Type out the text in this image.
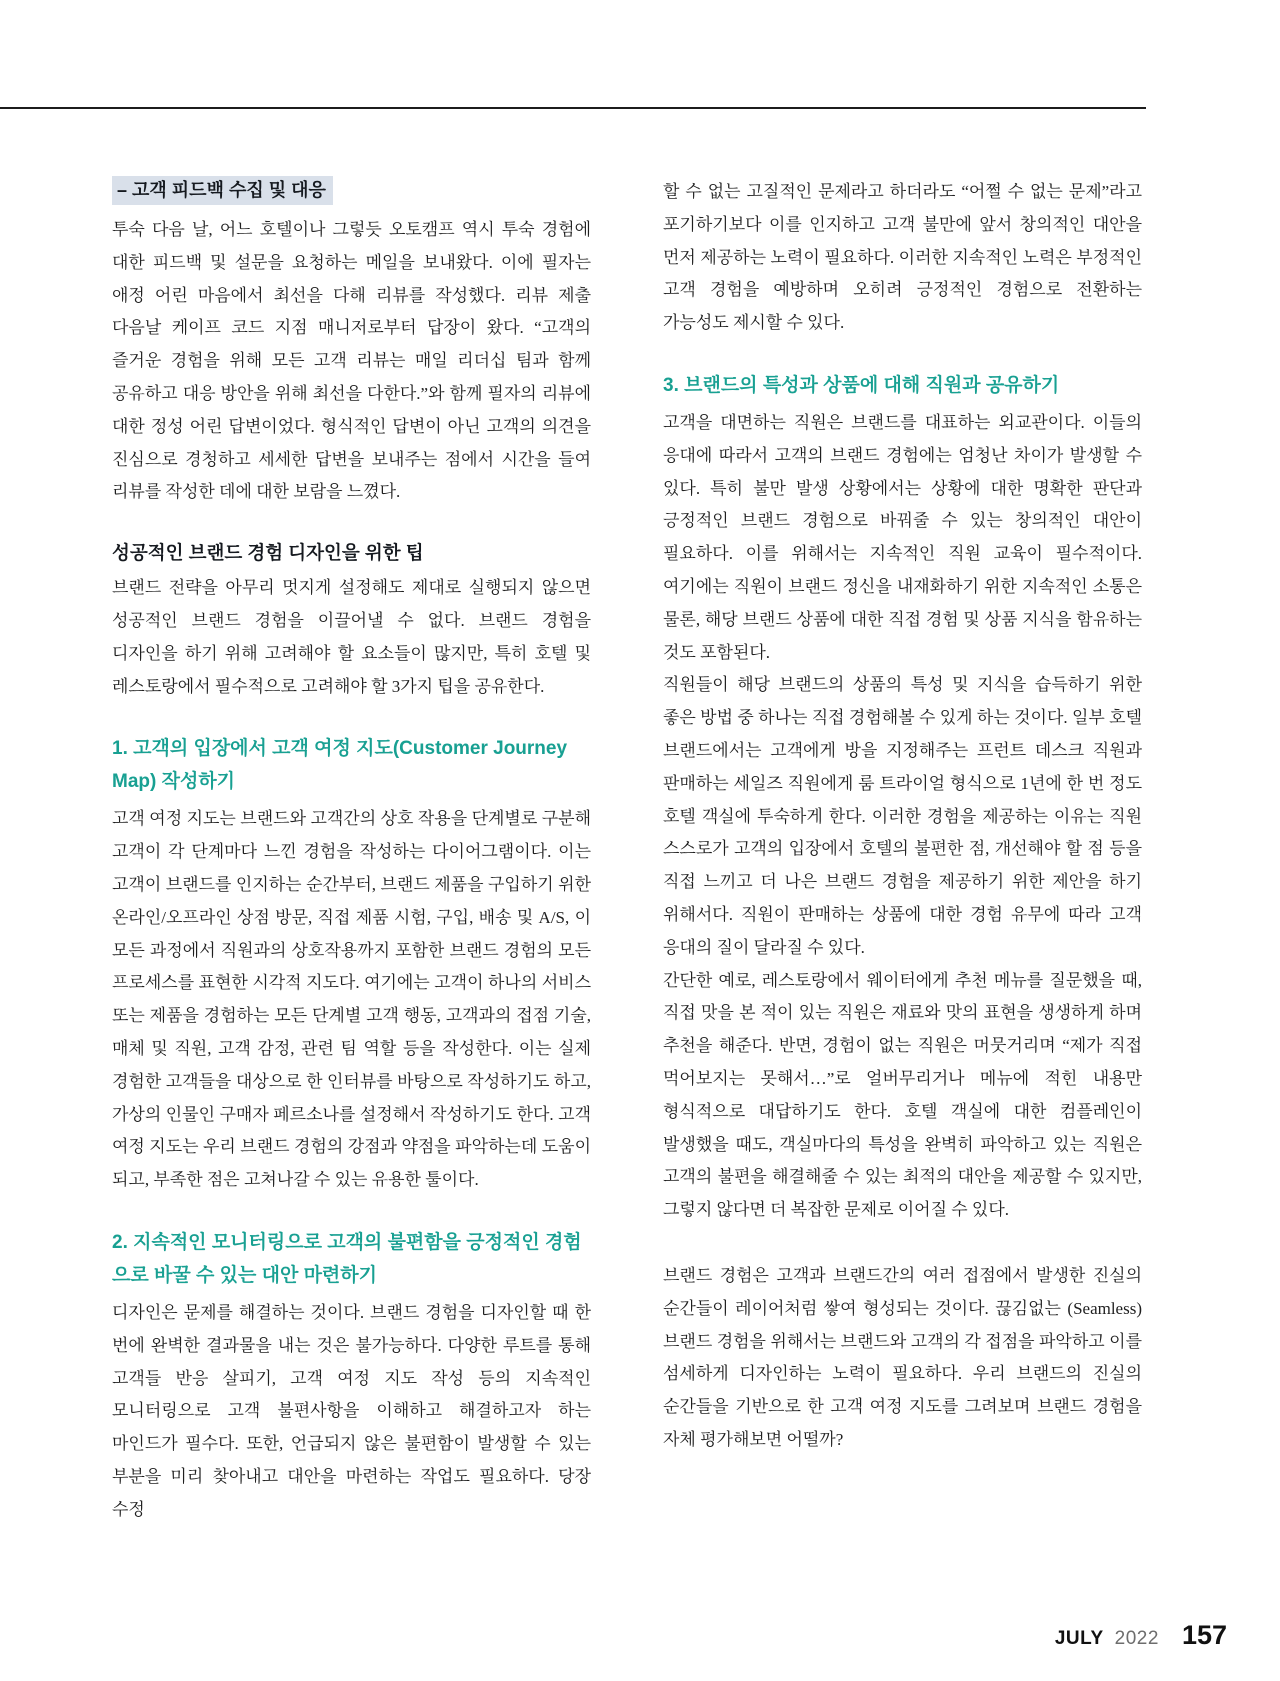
– 고객 피드백 수집 및 대응

투숙 다음 날, 어느 호텔이나 그렇듯 오토캠프 역시 투숙 경험에 대한 피드백 및 설문을 요청하는 메일을 보내왔다. 이에 필자는 애정 어린 마음에서 최선을 다해 리뷰를 작성했다. 리뷰 제출 다음날 케이프 코드 지점 매니저로부터 답장이 왔다. “고객의 즐거운 경험을 위해 모든 고객 리뷰는 매일 리더십 팀과 함께 공유하고 대응 방안을 위해 최선을 다한다.”와 함께 필자의 리뷰에 대한 정성 어린 답변이었다. 형식적인 답변이 아닌 고객의 의견을 진심으로 경청하고 세세한 답변을 보내주는 점에서 시간을 들여 리뷰를 작성한 데에 대한 보람을 느꼈다.

성공적인 브랜드 경험 디자인을 위한 팁

브랜드 전략을 아무리 멋지게 설정해도 제대로 실행되지 않으면 성공적인 브랜드 경험을 이끌어낼 수 없다. 브랜드 경험을 디자인을 하기 위해 고려해야 할 요소들이 많지만, 특히 호텔 및 레스토랑에서 필수적으로 고려해야 할 3가지 팁을 공유한다.

1. 고객의 입장에서 고객 여정 지도(Customer Journey Map) 작성하기

고객 여정 지도는 브랜드와 고객간의 상호 작용을 단계별로 구분해 고객이 각 단계마다 느낀 경험을 작성하는 다이어그램이다. 이는 고객이 브랜드를 인지하는 순간부터, 브랜드 제품을 구입하기 위한 온라인/오프라인 상점 방문, 직접 제품 시험, 구입, 배송 및 A/S, 이 모든 과정에서 직원과의 상호작용까지 포함한 브랜드 경험의 모든 프로세스를 표현한 시각적 지도다. 여기에는 고객이 하나의 서비스 또는 제품을 경험하는 모든 단계별 고객 행동, 고객과의 접점 기술, 매체 및 직원, 고객 감정, 관련 팀 역할 등을 작성한다. 이는 실제 경험한 고객들을 대상으로 한 인터뷰를 바탕으로 작성하기도 하고, 가상의 인물인 구매자 페르소나를 설정해서 작성하기도 한다. 고객 여정 지도는 우리 브랜드 경험의 강점과 약점을 파악하는데 도움이 되고, 부족한 점은 고쳐나갈 수 있는 유용한 툴이다.

2. 지속적인 모니터링으로 고객의 불편함을 긍정적인 경험으로 바꿀 수 있는 대안 마련하기

디자인은 문제를 해결하는 것이다. 브랜드 경험을 디자인할 때 한 번에 완벽한 결과물을 내는 것은 불가능하다. 다양한 루트를 통해 고객들 반응 살피기, 고객 여정 지도 작성 등의 지속적인 모니터링으로 고객 불편사항을 이해하고 해결하고자 하는 마인드가 필수다. 또한, 언급되지 않은 불편함이 발생할 수 있는 부분을 미리 찾아내고 대안을 마련하는 작업도 필요하다. 당장 수정

할 수 없는 고질적인 문제라고 하더라도 “어쩔 수 없는 문제”라고 포기하기보다 이를 인지하고 고객 불만에 앞서 창의적인 대안을 먼저 제공하는 노력이 필요하다. 이러한 지속적인 노력은 부정적인 고객 경험을 예방하며 오히려 긍정적인 경험으로 전환하는 가능성도 제시할 수 있다.

3. 브랜드의 특성과 상품에 대해 직원과 공유하기

고객을 대면하는 직원은 브랜드를 대표하는 외교관이다. 이들의 응대에 따라서 고객의 브랜드 경험에는 엄청난 차이가 발생할 수 있다. 특히 불만 발생 상황에서는 상황에 대한 명확한 판단과 긍정적인 브랜드 경험으로 바꿔줄 수 있는 창의적인 대안이 필요하다. 이를 위해서는 지속적인 직원 교육이 필수적이다. 여기에는 직원이 브랜드 정신을 내재화하기 위한 지속적인 소통은 물론, 해당 브랜드 상품에 대한 직접 경험 및 상품 지식을 함유하는 것도 포함된다.

직원들이 해당 브랜드의 상품의 특성 및 지식을 습득하기 위한 좋은 방법 중 하나는 직접 경험해볼 수 있게 하는 것이다. 일부 호텔 브랜드에서는 고객에게 방을 지정해주는 프런트 데스크 직원과 판매하는 세일즈 직원에게 룸 트라이얼 형식으로 1년에 한 번 정도 호텔 객실에 투숙하게 한다. 이러한 경험을 제공하는 이유는 직원 스스로가 고객의 입장에서 호텔의 불편한 점, 개선해야 할 점 등을 직접 느끼고 더 나은 브랜드 경험을 제공하기 위한 제안을 하기 위해서다. 직원이 판매하는 상품에 대한 경험 유무에 따라 고객 응대의 질이 달라질 수 있다.

간단한 예로, 레스토랑에서 웨이터에게 추천 메뉴를 질문했을 때, 직접 맛을 본 적이 있는 직원은 재료와 맛의 표현을 생생하게 하며 추천을 해준다. 반면, 경험이 없는 직원은 머뭇거리며 “제가 직접 먹어보지는 못해서…”로 얼버무리거나 메뉴에 적힌 내용만 형식적으로 대답하기도 한다. 호텔 객실에 대한 컴플레인이 발생했을 때도, 객실마다의 특성을 완벽히 파악하고 있는 직원은 고객의 불편을 해결해줄 수 있는 최적의 대안을 제공할 수 있지만, 그렇지 않다면 더 복잡한 문제로 이어질 수 있다.

브랜드 경험은 고객과 브랜드간의 여러 접점에서 발생한 진실의 순간들이 레이어처럼 쌓여 형성되는 것이다. 끊김없는 (Seamless) 브랜드 경험을 위해서는 브랜드와 고객의 각 접점을 파악하고 이를 섬세하게 디자인하는 노력이 필요하다. 우리 브랜드의 진실의 순간들을 기반으로 한 고객 여정 지도를 그려보며 브랜드 경험을 자체 평가해보면 어떨까?

JULY 2022 157
